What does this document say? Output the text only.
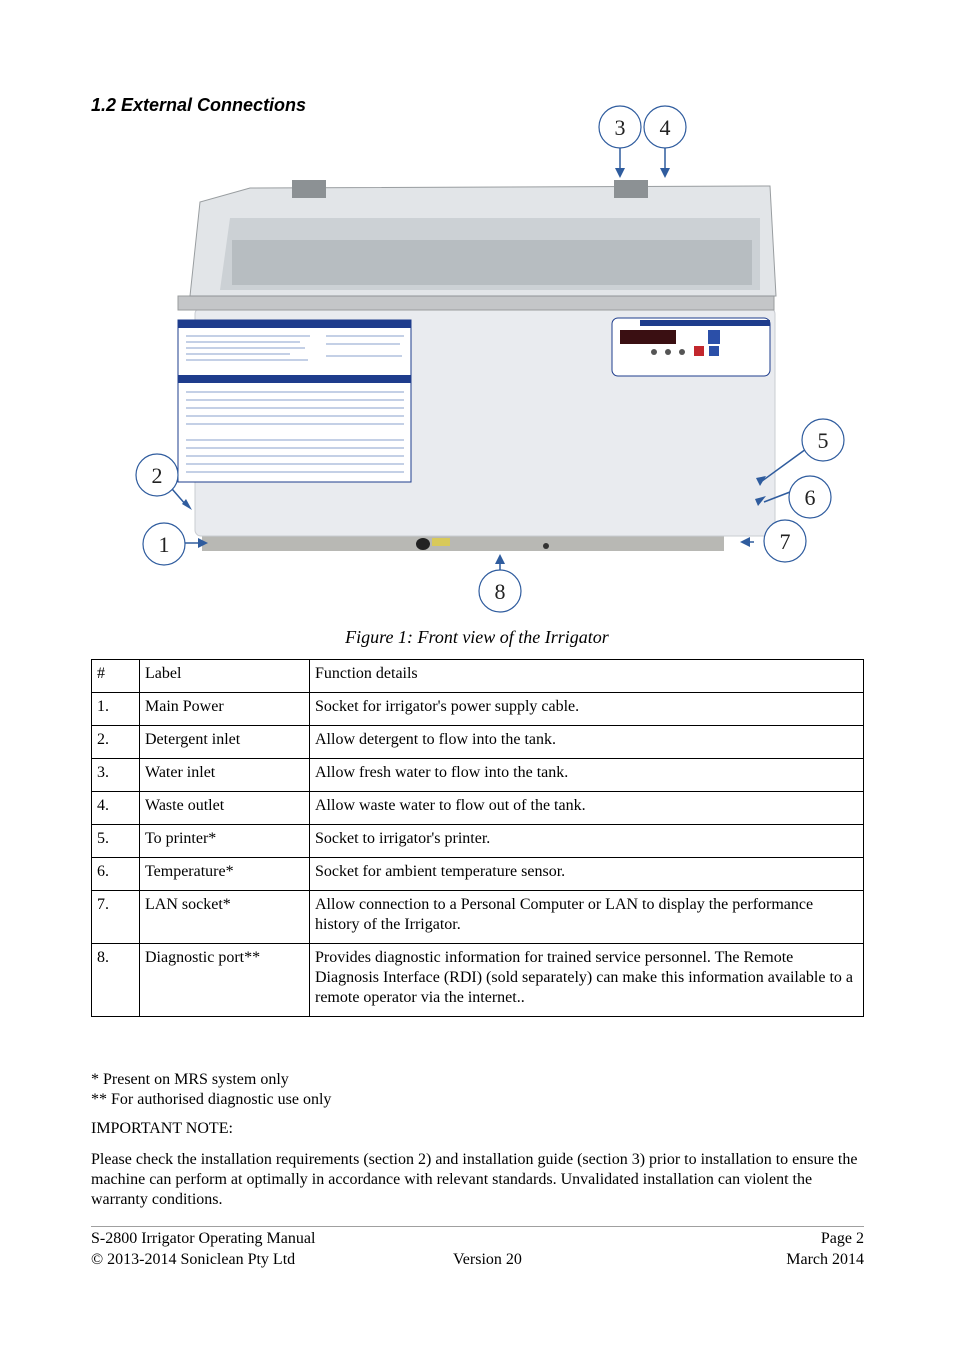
1.2 External Connections
3 4
5
6
7
8
2
1
Figure 1: Front view of the Irrigator
#	Label	Function details
1.	Main Power	Socket for irrigator's power supply cable.
2.	Detergent inlet	Allow detergent to flow into the tank.
3.	Water inlet	Allow fresh water to flow into the tank.
4.	Waste outlet	Allow waste water to flow out of the tank.
5.	To printer*	Socket to irrigator's printer.
6.	Temperature*	Socket for ambient temperature sensor.
7.	LAN socket*	Allow connection to a Personal Computer or LAN to display the performance history of the Irrigator.
8.	Diagnostic port**	Provides diagnostic information for trained service personnel. The Remote Diagnosis Interface (RDI) (sold separately) can make this information available to a remote operator via the internet..
* Present on MRS system only
** For authorised diagnostic use only
IMPORTANT NOTE:
Please check the installation requirements (section 2) and installation guide (section 3) prior to installation to ensure the machine can perform at optimally in accordance with relevant standards. Unvalidated installation can violent the warranty conditions.
S-2800 Irrigator Operating Manual	Page 2
© 2013-2014 Soniclean Pty Ltd	Version 20	March 2014
